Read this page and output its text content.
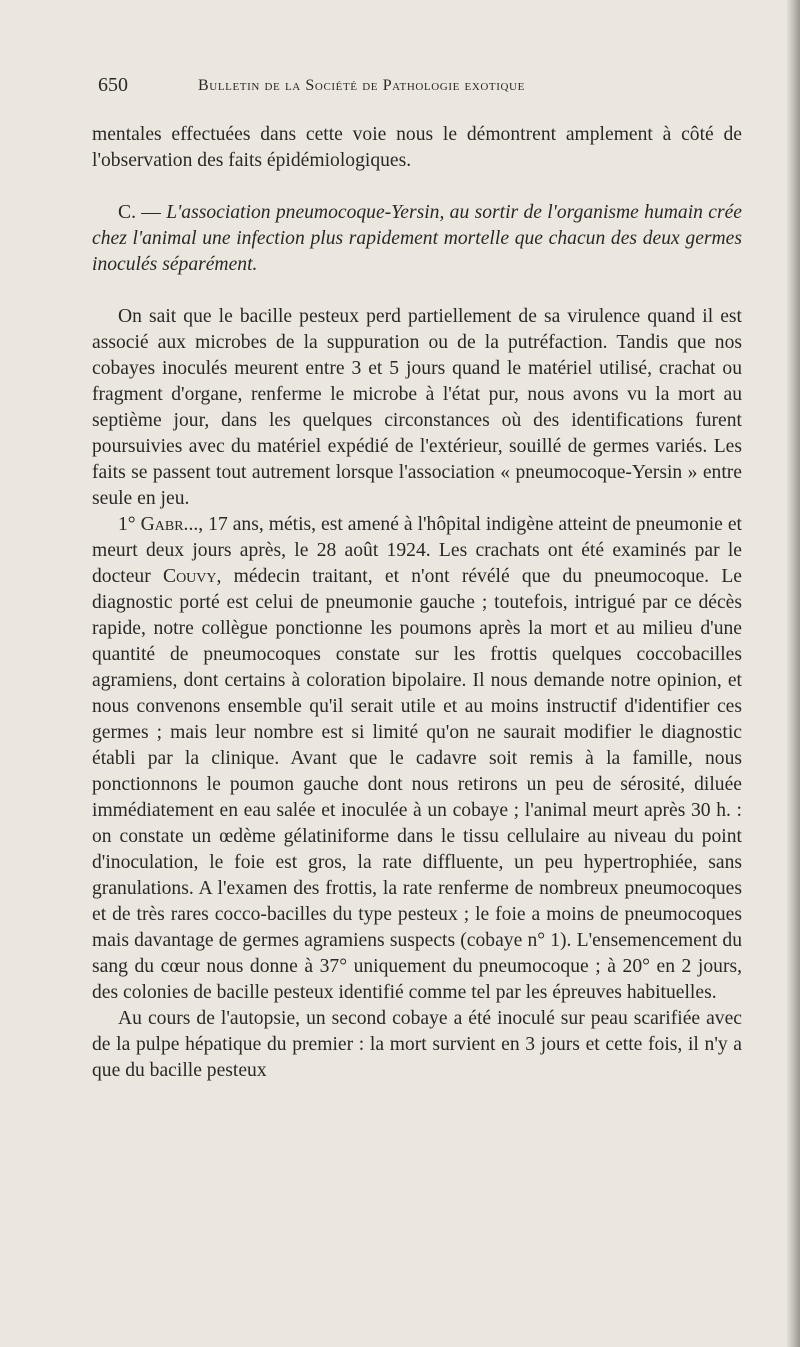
650	Bulletin de la Société de Pathologie exotique

mentales effectuées dans cette voie nous le démontrent amplement à côté de l'observation des faits épidémiologiques.

C. — L'association pneumocoque-Yersin, au sortir de l'organisme humain crée chez l'animal une infection plus rapidement mortelle que chacun des deux germes inoculés séparément.

On sait que le bacille pesteux perd partiellement de sa virulence quand il est associé aux microbes de la suppuration ou de la putréfaction. Tandis que nos cobayes inoculés meurent entre 3 et 5 jours quand le matériel utilisé, crachat ou fragment d'organe, renferme le microbe à l'état pur, nous avons vu la mort au septième jour, dans les quelques circonstances où des identifications furent poursuivies avec du matériel expédié de l'extérieur, souillé de germes variés. Les faits se passent tout autrement lorsque l'association « pneumocoque-Yersin » entre seule en jeu.

1° Gabr..., 17 ans, métis, est amené à l'hôpital indigène atteint de pneumonie et meurt deux jours après, le 28 août 1924. Les crachats ont été examinés par le docteur Couvy, médecin traitant, et n'ont révélé que du pneumocoque. Le diagnostic porté est celui de pneumonie gauche ; toutefois, intrigué par ce décès rapide, notre collègue ponctionne les poumons après la mort et au milieu d'une quantité de pneumocoques constate sur les frottis quelques coccobacilles agramiens, dont certains à coloration bipolaire. Il nous demande notre opinion, et nous convenons ensemble qu'il serait utile et au moins instructif d'identifier ces germes ; mais leur nombre est si limité qu'on ne saurait modifier le diagnostic établi par la clinique. Avant que le cadavre soit remis à la famille, nous ponctionnons le poumon gauche dont nous retirons un peu de sérosité, diluée immédiatement en eau salée et inoculée à un cobaye ; l'animal meurt après 30 h. : on constate un œdème gélatiniforme dans le tissu cellulaire au niveau du point d'inoculation, le foie est gros, la rate diffluente, un peu hypertrophiée, sans granulations. A l'examen des frottis, la rate renferme de nombreux pneumocoques et de très rares cocco-bacilles du type pesteux ; le foie a moins de pneumocoques mais davantage de germes agramiens suspects (cobaye n° 1). L'ensemencement du sang du cœur nous donne à 37° uniquement du pneumocoque ; à 20° en 2 jours, des colonies de bacille pesteux identifié comme tel par les épreuves habituelles.

Au cours de l'autopsie, un second cobaye a été inoculé sur peau scarifiée avec de la pulpe hépatique du premier : la mort survient en 3 jours et cette fois, il n'y a que du bacille pesteux
